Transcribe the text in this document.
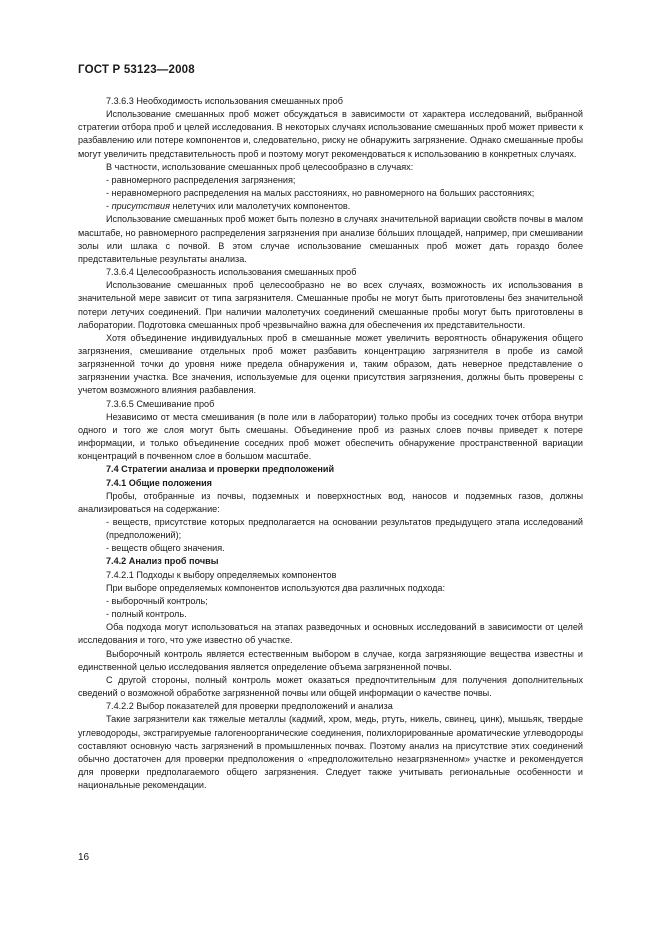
ГОСТ Р 53123—2008

7.3.6.3 Необходимость использования смешанных проб

Использование смешанных проб может обсуждаться в зависимости от характера исследований, выбранной стратегии отбора проб и целей исследования. В некоторых случаях использование смешанных проб может привести к разбавлению или потере компонентов и, следовательно, риску не обнаружить загрязнение. Однако смешанные пробы могут увеличить представительность проб и поэтому могут рекомендоваться к использованию в конкретных случаях.

В частности, использование смешанных проб целесообразно в случаях:

- равномерного распределения загрязнения;

- неравномерного распределения на малых расстояниях, но равномерного на больших расстояниях;

- присутствия нелетучих или малолетучих компонентов.

Использование смешанных проб может быть полезно в случаях значительной вариации свойств почвы в малом масштабе, но равномерного распределения загрязнения при анализе бóльших площадей, например, при смешивании золы или шлака с почвой. В этом случае использование смешанных проб может дать гораздо более представительные результаты анализа.

7.3.6.4 Целесообразность использования смешанных проб

Использование смешанных проб целесообразно не во всех случаях, возможность их использования в значительной мере зависит от типа загрязнителя. Смешанные пробы не могут быть приготовлены без значительной потери летучих соединений. При наличии малолетучих соединений смешанные пробы могут быть приготовлены в лаборатории. Подготовка смешанных проб чрезвычайно важна для обеспечения их представительности.

Хотя объединение индивидуальных проб в смешанные может увеличить вероятность обнаружения общего загрязнения, смешивание отдельных проб может разбавить концентрацию загрязнителя в пробе из самой загрязненной точки до уровня ниже предела обнаружения и, таким образом, дать неверное представление о загрязнении участка. Все значения, используемые для оценки присутствия загрязнения, должны быть проверены с учетом возможного влияния разбавления.

7.3.6.5 Смешивание проб

Независимо от места смешивания (в поле или в лаборатории) только пробы из соседних точек отбора внутри одного и того же слоя могут быть смешаны. Объединение проб из разных слоев почвы приведет к потере информации, и только объединение соседних проб может обеспечить обнаружение пространственной вариации концентраций в почвенном слое в большом масштабе.

7.4 Стратегии анализа и проверки предположений

7.4.1 Общие положения

Пробы, отобранные из почвы, подземных и поверхностных вод, наносов и подземных газов, должны анализироваться на содержание:

- веществ, присутствие которых предполагается на основании результатов предыдущего этапа исследований (предположений);

- веществ общего значения.

7.4.2 Анализ проб почвы

7.4.2.1 Подходы к выбору определяемых компонентов

При выборе определяемых компонентов используются два различных подхода:

- выборочный контроль;

- полный контроль.

Оба подхода могут использоваться на этапах разведочных и основных исследований в зависимости от целей исследования и того, что уже известно об участке.

Выборочный контроль является естественным выбором в случае, когда загрязняющие вещества известны и единственной целью исследования является определение объема загрязненной почвы.

С другой стороны, полный контроль может оказаться предпочтительным для получения дополнительных сведений о возможной обработке загрязненной почвы или общей информации о качестве почвы.

7.4.2.2 Выбор показателей для проверки предположений и анализа

Такие загрязнители как тяжелые металлы (кадмий, хром, медь, ртуть, никель, свинец, цинк), мышьяк, твердые углеводороды, экстрагируемые галогеноорганические соединения, полихлорированные ароматические углеводороды составляют основную часть загрязнений в промышленных почвах. Поэтому анализ на присутствие этих соединений обычно достаточен для проверки предположения о «предположительно незагрязненном» участке и рекомендуется для проверки предполагаемого общего загрязнения. Следует также учитывать региональные особенности и национальные рекомендации.

16
